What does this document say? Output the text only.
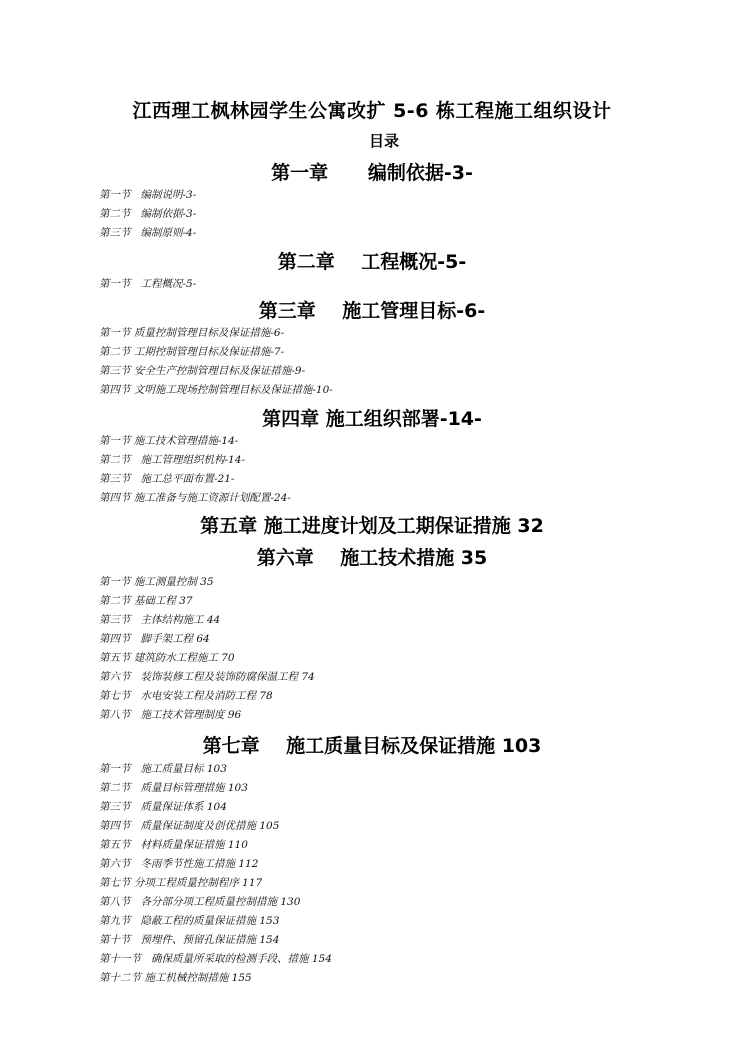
江西理工枫林园学生公寓改扩 5-6 栋工程施工组织设计
目录
第一章      编制依据-3-
第一节   编制说明-3-
第二节   编制依据-3-
第三节   编制原则-4-
第二章    工程概况-5-
第一节   工程概况-5-
第三章    施工管理目标-6-
第一节 质量控制管理目标及保证措施-6-
第二节 工期控制管理目标及保证措施-7-
第三节 安全生产控制管理目标及保证措施-9-
第四节 文明施工现场控制管理目标及保证措施-10-
第四章 施工组织部署-14-
第一节 施工技术管理措施-14-
第二节   施工管理组织机构-14-
第三节   施工总平面布置-21-
第四节 施工准备与施工资源计划配置-24-
第五章 施工进度计划及工期保证措施 32
第六章    施工技术措施 35
第一节 施工测量控制 35
第二节 基础工程 37
第三节   主体结构施工 44
第四节   脚手架工程 64
第五节 建筑防水工程施工 70
第六节   装饰装修工程及装饰防腐保温工程 74
第七节   水电安装工程及消防工程 78
第八节   施工技术管理制度 96
第七章    施工质量目标及保证措施 103
第一节   施工质量目标 103
第二节   质量目标管理措施 103
第三节   质量保证体系 104
第四节   质量保证制度及创优措施 105
第五节   材料质量保证措施 110
第六节   冬雨季节性施工措施 112
第七节 分项工程质量控制程序 117
第八节   各分部分项工程质量控制措施 130
第九节   隐蔽工程的质量保证措施 153
第十节   预埋件、预留孔保证措施 154
第十一节   确保质量所采取的检测手段、措施 154
第十二节 施工机械控制措施 155
